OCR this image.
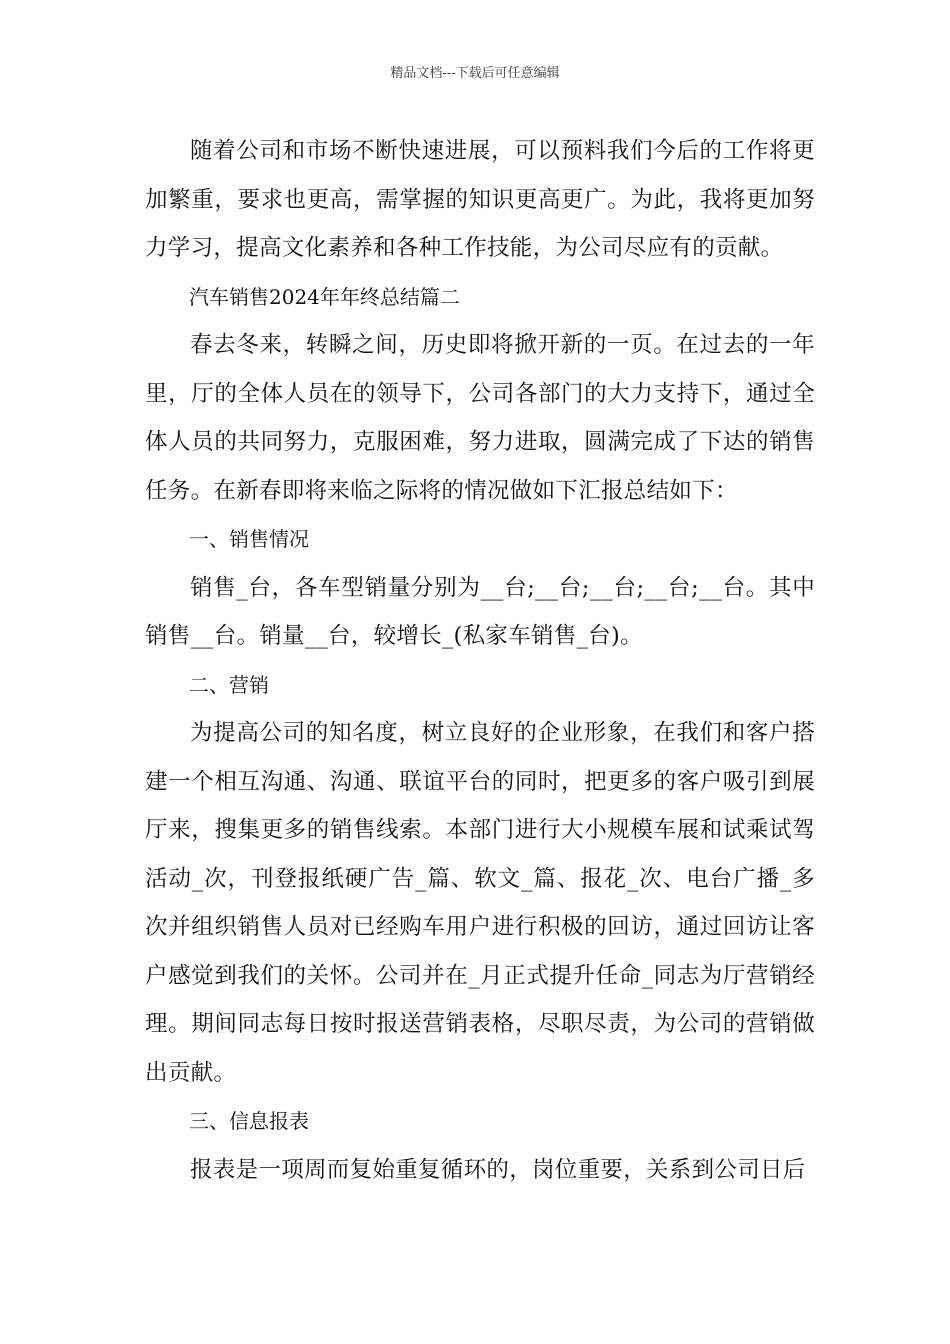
精品文档---下载后可任意编辑

随着公司和市场不断快速进展，可以预料我们今后的工作将更加繁重，要求也更高，需掌握的知识更高更广。为此，我将更加努力学习，提高文化素养和各种工作技能，为公司尽应有的贡献。

汽车销售2024年年终总结篇二

春去冬来，转瞬之间，历史即将掀开新的一页。在过去的一年里，厅的全体人员在的领导下，公司各部门的大力支持下，通过全体人员的共同努力，克服困难，努力进取，圆满完成了下达的销售任务。在新春即将来临之际将的情况做如下汇报总结如下：

一、销售情况

销售_台，各车型销量分别为__台;__台;__台;__台;__台。其中销售__台。销量__台，较增长_(私家车销售_台)。

二、营销

为提高公司的知名度，树立良好的企业形象，在我们和客户搭建一个相互沟通、沟通、联谊平台的同时，把更多的客户吸引到展厅来，搜集更多的销售线索。本部门进行大小规模车展和试乘试驾活动_次，刊登报纸硬广告_篇、软文_篇、报花_次、电台广播_多次并组织销售人员对已经购车用户进行积极的回访，通过回访让客户感觉到我们的关怀。公司并在_月正式提升任命_同志为厅营销经理。期间同志每日按时报送营销表格，尽职尽责，为公司的营销做出贡献。

三、信息报表

报表是一项周而复始重复循环的，岗位重要，关系到公司日后
